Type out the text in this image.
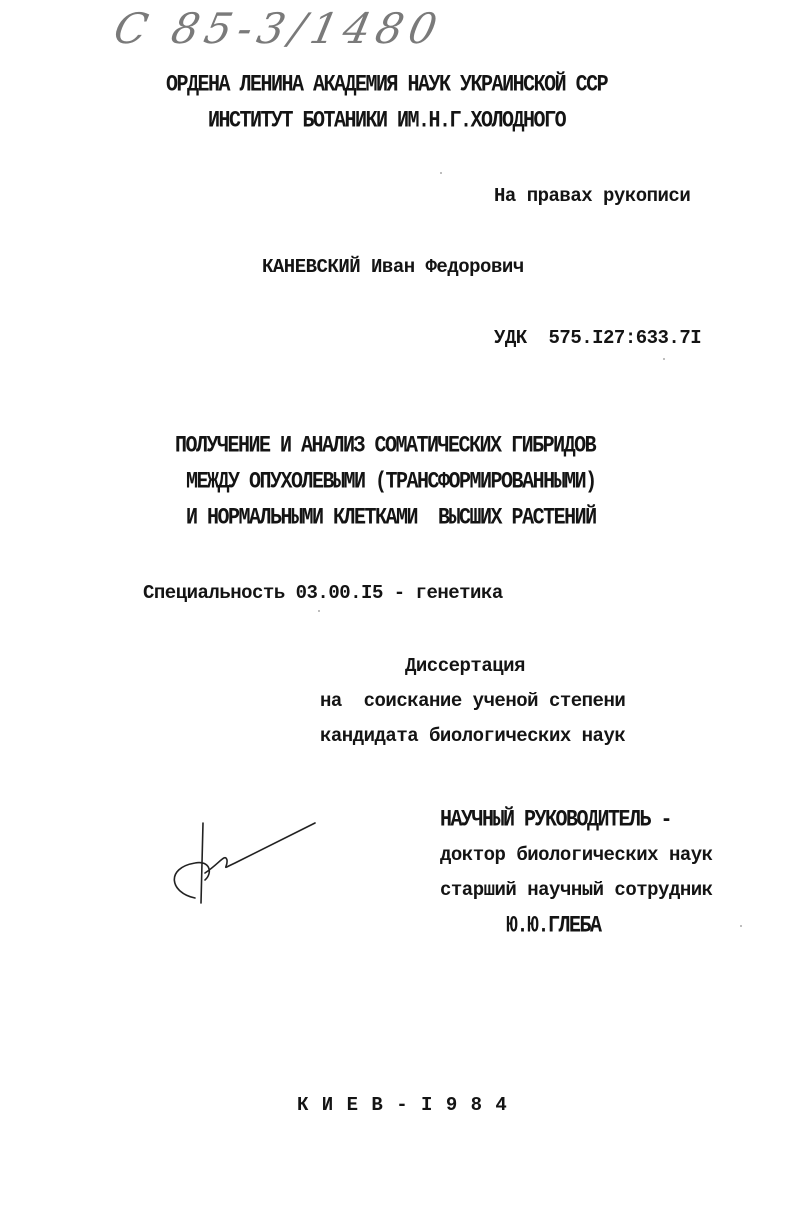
С 85-3/1480
ОРДЕНА ЛЕНИНА АКАДЕМИЯ НАУК УКРАИНСКОЙ ССР
ИНСТИТУТ БОТАНИКИ ИМ.Н.Г.ХОЛОДНОГО
На правах рукописи
КАНЕВСКИЙ Иван Федорович
УДК  575.I27:633.7I
ПОЛУЧЕНИЕ И АНАЛИЗ СОМАТИЧЕСКИХ ГИБРИДОВ
МЕЖДУ ОПУХОЛЕВЫМИ (ТРАНСФОРМИРОВАННЫМИ)
И НОРМАЛЬНЫМИ КЛЕТКАМИ  ВЫСШИХ РАСТЕНИЙ
Специальность 03.00.I5 - генетика
Диссертация
на  соискание ученой степени
кандидата биологических наук
НАУЧНЫЙ РУКОВОДИТЕЛЬ -
доктор биологических наук
старший научный сотрудник
Ю.Ю.ГЛЕБА
К И Е В - I 9 8 4
